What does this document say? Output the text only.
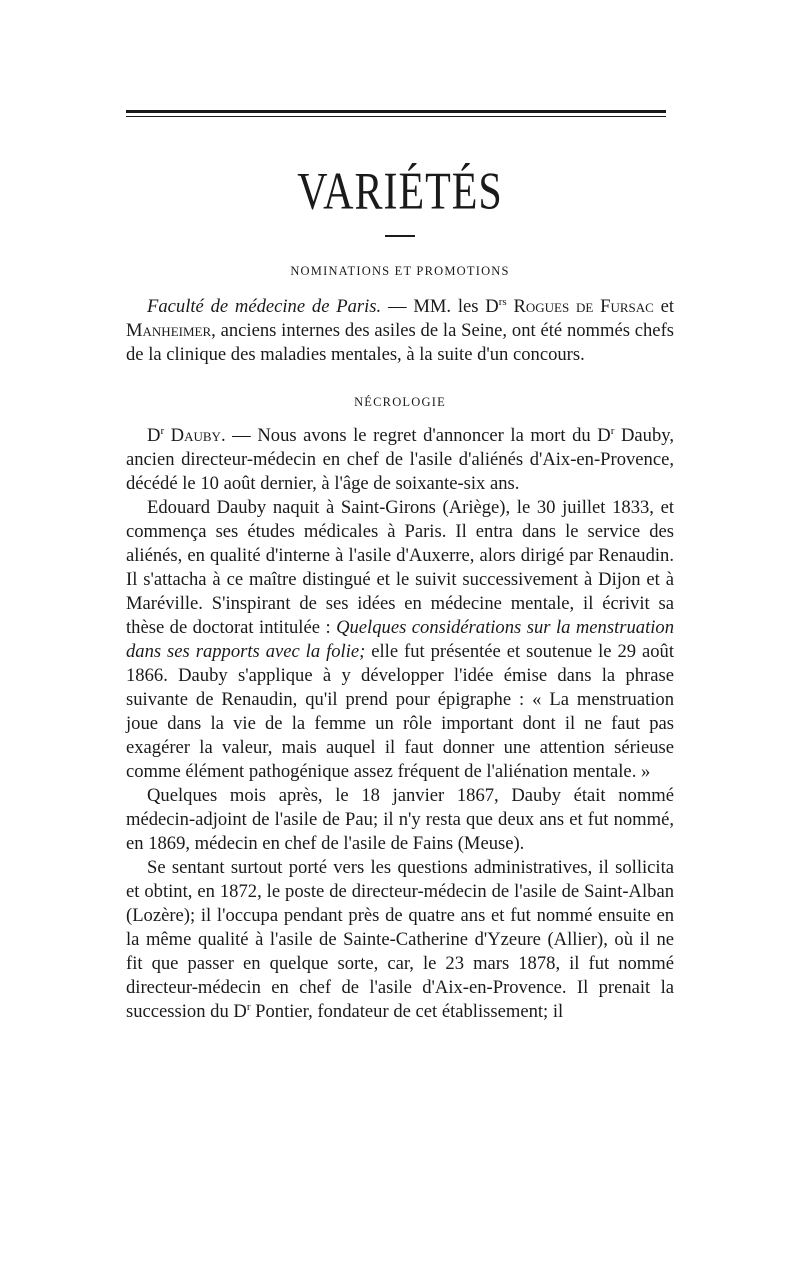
VARIÉTÉS
NOMINATIONS ET PROMOTIONS

Faculté de médecine de Paris. — MM. les $D^{rs}$ Rogues de Fursac et Manheimer, anciens internes des asiles de la Seine, ont été nommés chefs de la clinique des maladies mentales, à la suite d'un concours.

NÉCROLOGIE

$D^r$ Dauby. — Nous avons le regret d'annoncer la mort du $D^r$ Dauby, ancien directeur-médecin en chef de l'asile d'aliénés d'Aix-en-Provence, décédé le 10 août dernier, à l'âge de soixante-six ans.

Edouard Dauby naquit à Saint-Girons (Ariège), le 30 juillet 1833, et commença ses études médicales à Paris. Il entra dans le service des aliénés, en qualité d'interne à l'asile d'Auxerre, alors dirigé par Renaudin. Il s'attacha à ce maître distingué et le suivit successivement à Dijon et à Maréville. S'inspirant de ses idées en médecine mentale, il écrivit sa thèse de doctorat intitulée : Quelques considérations sur la menstruation dans ses rapports avec la folie; elle fut présentée et soutenue le 29 août 1866. Dauby s'applique à y développer l'idée émise dans la phrase suivante de Renaudin, qu'il prend pour épigraphe : « La menstruation joue dans la vie de la femme un rôle important dont il ne faut pas exagérer la valeur, mais auquel il faut donner une attention sérieuse comme élément pathogénique assez fréquent de l'aliénation mentale. »

Quelques mois après, le 18 janvier 1867, Dauby était nommé médecin-adjoint de l'asile de Pau; il n'y resta que deux ans et fut nommé, en 1869, médecin en chef de l'asile de Fains (Meuse).

Se sentant surtout porté vers les questions administratives, il sollicita et obtint, en 1872, le poste de directeur-médecin de l'asile de Saint-Alban (Lozère); il l'occupa pendant près de quatre ans et fut nommé ensuite en la même qualité à l'asile de Sainte-Catherine d'Yzeure (Allier), où il ne fit que passer en quelque sorte, car, le 23 mars 1878, il fut nommé directeur-médecin en chef de l'asile d'Aix-en-Provence. Il prenait la succession du $D^r$ Pontier, fondateur de cet établissement; il
